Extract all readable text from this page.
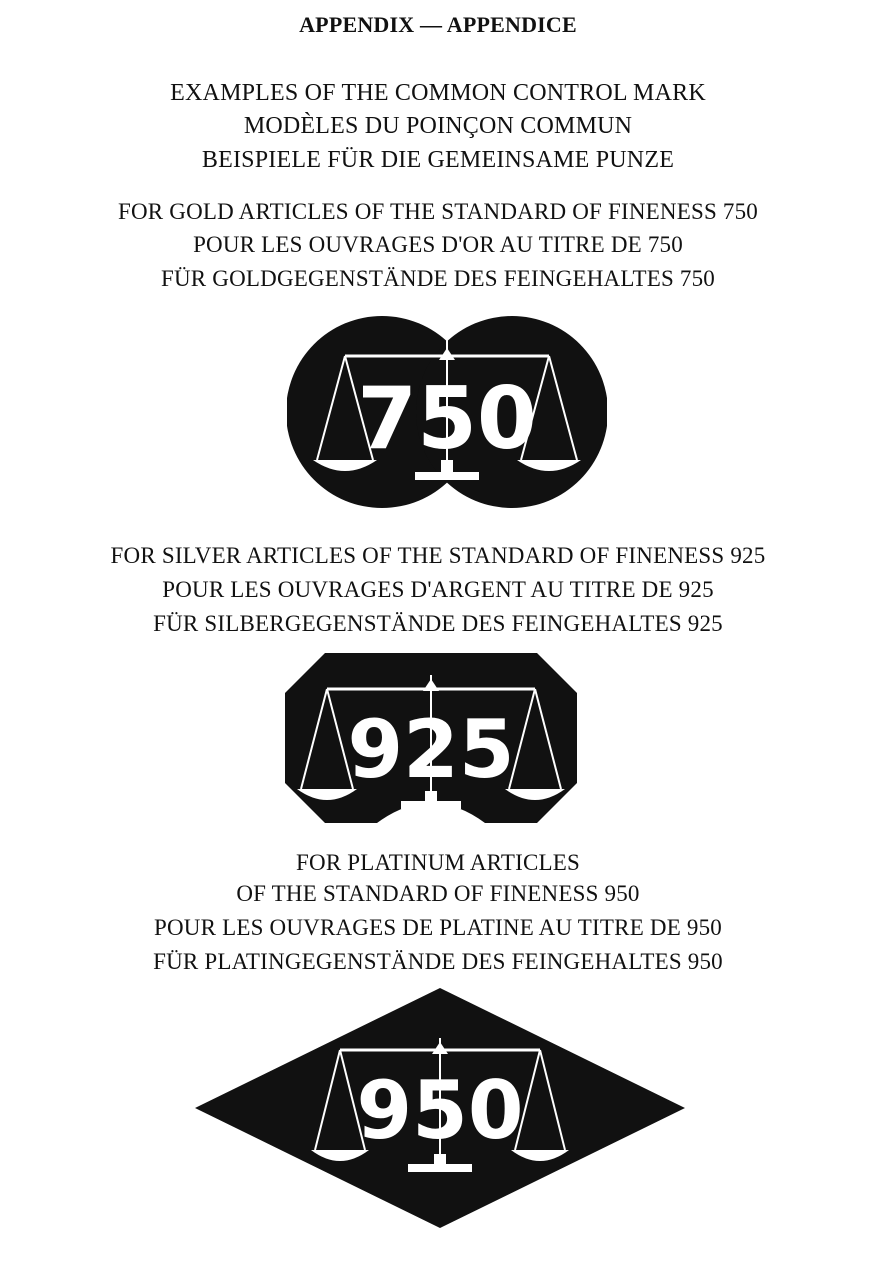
APPENDIX — APPENDICE
EXAMPLES OF THE COMMON CONTROL MARK
MODÈLES DU POINÇON COMMUN
BEISPIELE FÜR DIE GEMEINSAME PUNZE
FOR GOLD ARTICLES OF THE STANDARD OF FINENESS 750
POUR LES OUVRAGES D'OR AU TITRE DE 750
FÜR GOLDGEGENSTÄNDE DES FEINGEHALTES 750
750
FOR SILVER ARTICLES OF THE STANDARD OF FINENESS 925
POUR LES OUVRAGES D'ARGENT AU TITRE DE 925
FÜR SILBERGEGENSTÄNDE DES FEINGEHALTES 925
925
FOR PLATINUM ARTICLES
OF THE STANDARD OF FINENESS 950
POUR LES OUVRAGES DE PLATINE AU TITRE DE 950
FÜR PLATINGEGENSTÄNDE DES FEINGEHALTES 950
950
